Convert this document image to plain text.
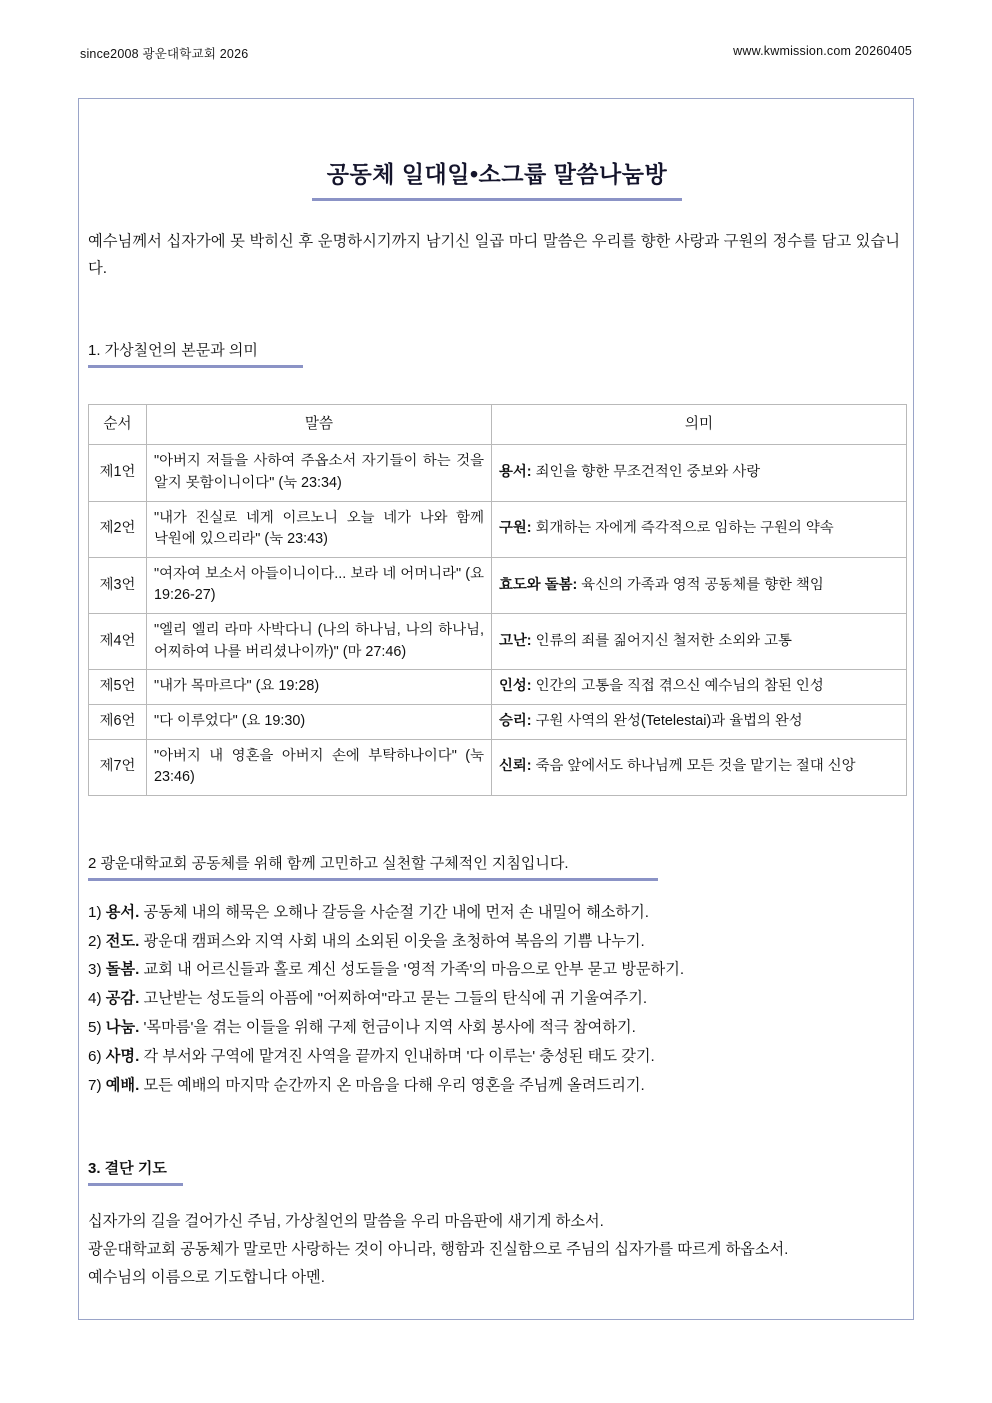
since2008 광운대학교회 2026	www.kwmission.com 20260405
공동체 일대일•소그룹 말씀나눔방

예수님께서 십자가에 못 박히신 후 운명하시기까지 남기신 일곱 마디 말씀은 우리를 향한 사랑과 구원의 정수를 담고 있습니다.

1. 가상칠언의 본문과 의미
순서	말씀	의미
제1언	"아버지 저들을 사하여 주옵소서 자기들이 하는 것을 알지 못함이니이다" (눅 23:34)	용서: 죄인을 향한 무조건적인 중보와 사랑
제2언	"내가 진실로 네게 이르노니 오늘 네가 나와 함께 낙원에 있으리라" (눅 23:43)	구원: 회개하는 자에게 즉각적으로 임하는 구원의 약속
제3언	"여자여 보소서 아들이니이다... 보라 네 어머니라" (요 19:26-27)	효도와 돌봄: 육신의 가족과 영적 공동체를 향한 책임
제4언	"엘리 엘리 라마 사박다니 (나의 하나님, 나의 하나님, 어찌하여 나를 버리셨나이까)" (마 27:46)	고난: 인류의 죄를 짊어지신 철저한 소외와 고통
제5언	"내가 목마르다" (요 19:28)	인성: 인간의 고통을 직접 겪으신 예수님의 참된 인성
제6언	"다 이루었다" (요 19:30)	승리: 구원 사역의 완성(Tetelestai)과 율법의 완성
제7언	"아버지 내 영혼을 아버지 손에 부탁하나이다" (눅 23:46)	신뢰: 죽음 앞에서도 하나님께 모든 것을 맡기는 절대 신앙
2 광운대학교회 공동체를 위해 함께 고민하고 실천할 구체적인 지침입니다.
1) 용서. 공동체 내의 해묵은 오해나 갈등을 사순절 기간 내에 먼저 손 내밀어 해소하기.
2) 전도. 광운대 캠퍼스와 지역 사회 내의 소외된 이웃을 초청하여 복음의 기쁨 나누기.
3) 돌봄. 교회 내 어르신들과 홀로 계신 성도들을 '영적 가족'의 마음으로 안부 묻고 방문하기.
4) 공감. 고난받는 성도들의 아픔에 "어찌하여"라고 묻는 그들의 탄식에 귀 기울여주기.
5) 나눔. '목마름'을 겪는 이들을 위해 구제 헌금이나 지역 사회 봉사에 적극 참여하기.
6) 사명. 각 부서와 구역에 맡겨진 사역을 끝까지 인내하며 '다 이루는' 충성된 태도 갖기.
7) 예배. 모든 예배의 마지막 순간까지 온 마음을 다해 우리 영혼을 주님께 올려드리기.
3. 결단 기도
십자가의 길을 걸어가신 주님, 가상칠언의 말씀을 우리 마음판에 새기게 하소서.
광운대학교회 공동체가 말로만 사랑하는 것이 아니라, 행함과 진실함으로 주님의 십자가를 따르게 하옵소서.
예수님의 이름으로 기도합니다 아멘.
